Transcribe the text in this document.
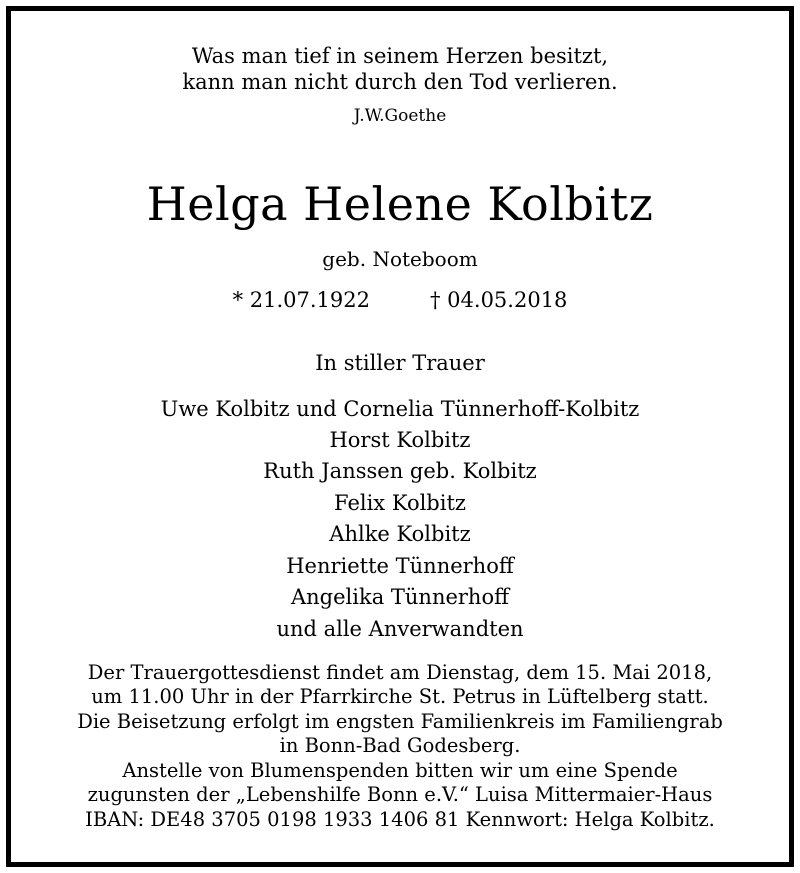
Was man tief in seinem Herzen besitzt,
kann man nicht durch den Tod verlieren.
J.W.Goethe
Helga Helene Kolbitz
geb. Noteboom
* 21.07.1922	† 04.05.2018
In stiller Trauer
Uwe Kolbitz und Cornelia Tünnerhoff-Kolbitz
Horst Kolbitz
Ruth Janssen geb. Kolbitz
Felix Kolbitz
Ahlke Kolbitz
Henriette Tünnerhoff
Angelika Tünnerhoff
und alle Anverwandten
Der Trauergottesdienst findet am Dienstag, dem 15. Mai 2018,
um 11.00 Uhr in der Pfarrkirche St. Petrus in Lüftelberg statt.
Die Beisetzung erfolgt im engsten Familienkreis im Familiengrab
in Bonn-Bad Godesberg.
Anstelle von Blumenspenden bitten wir um eine Spende
zugunsten der „Lebenshilfe Bonn e.V.“ Luisa Mittermaier-Haus
IBAN: DE48 3705 0198 1933 1406 81 Kennwort: Helga Kolbitz.
